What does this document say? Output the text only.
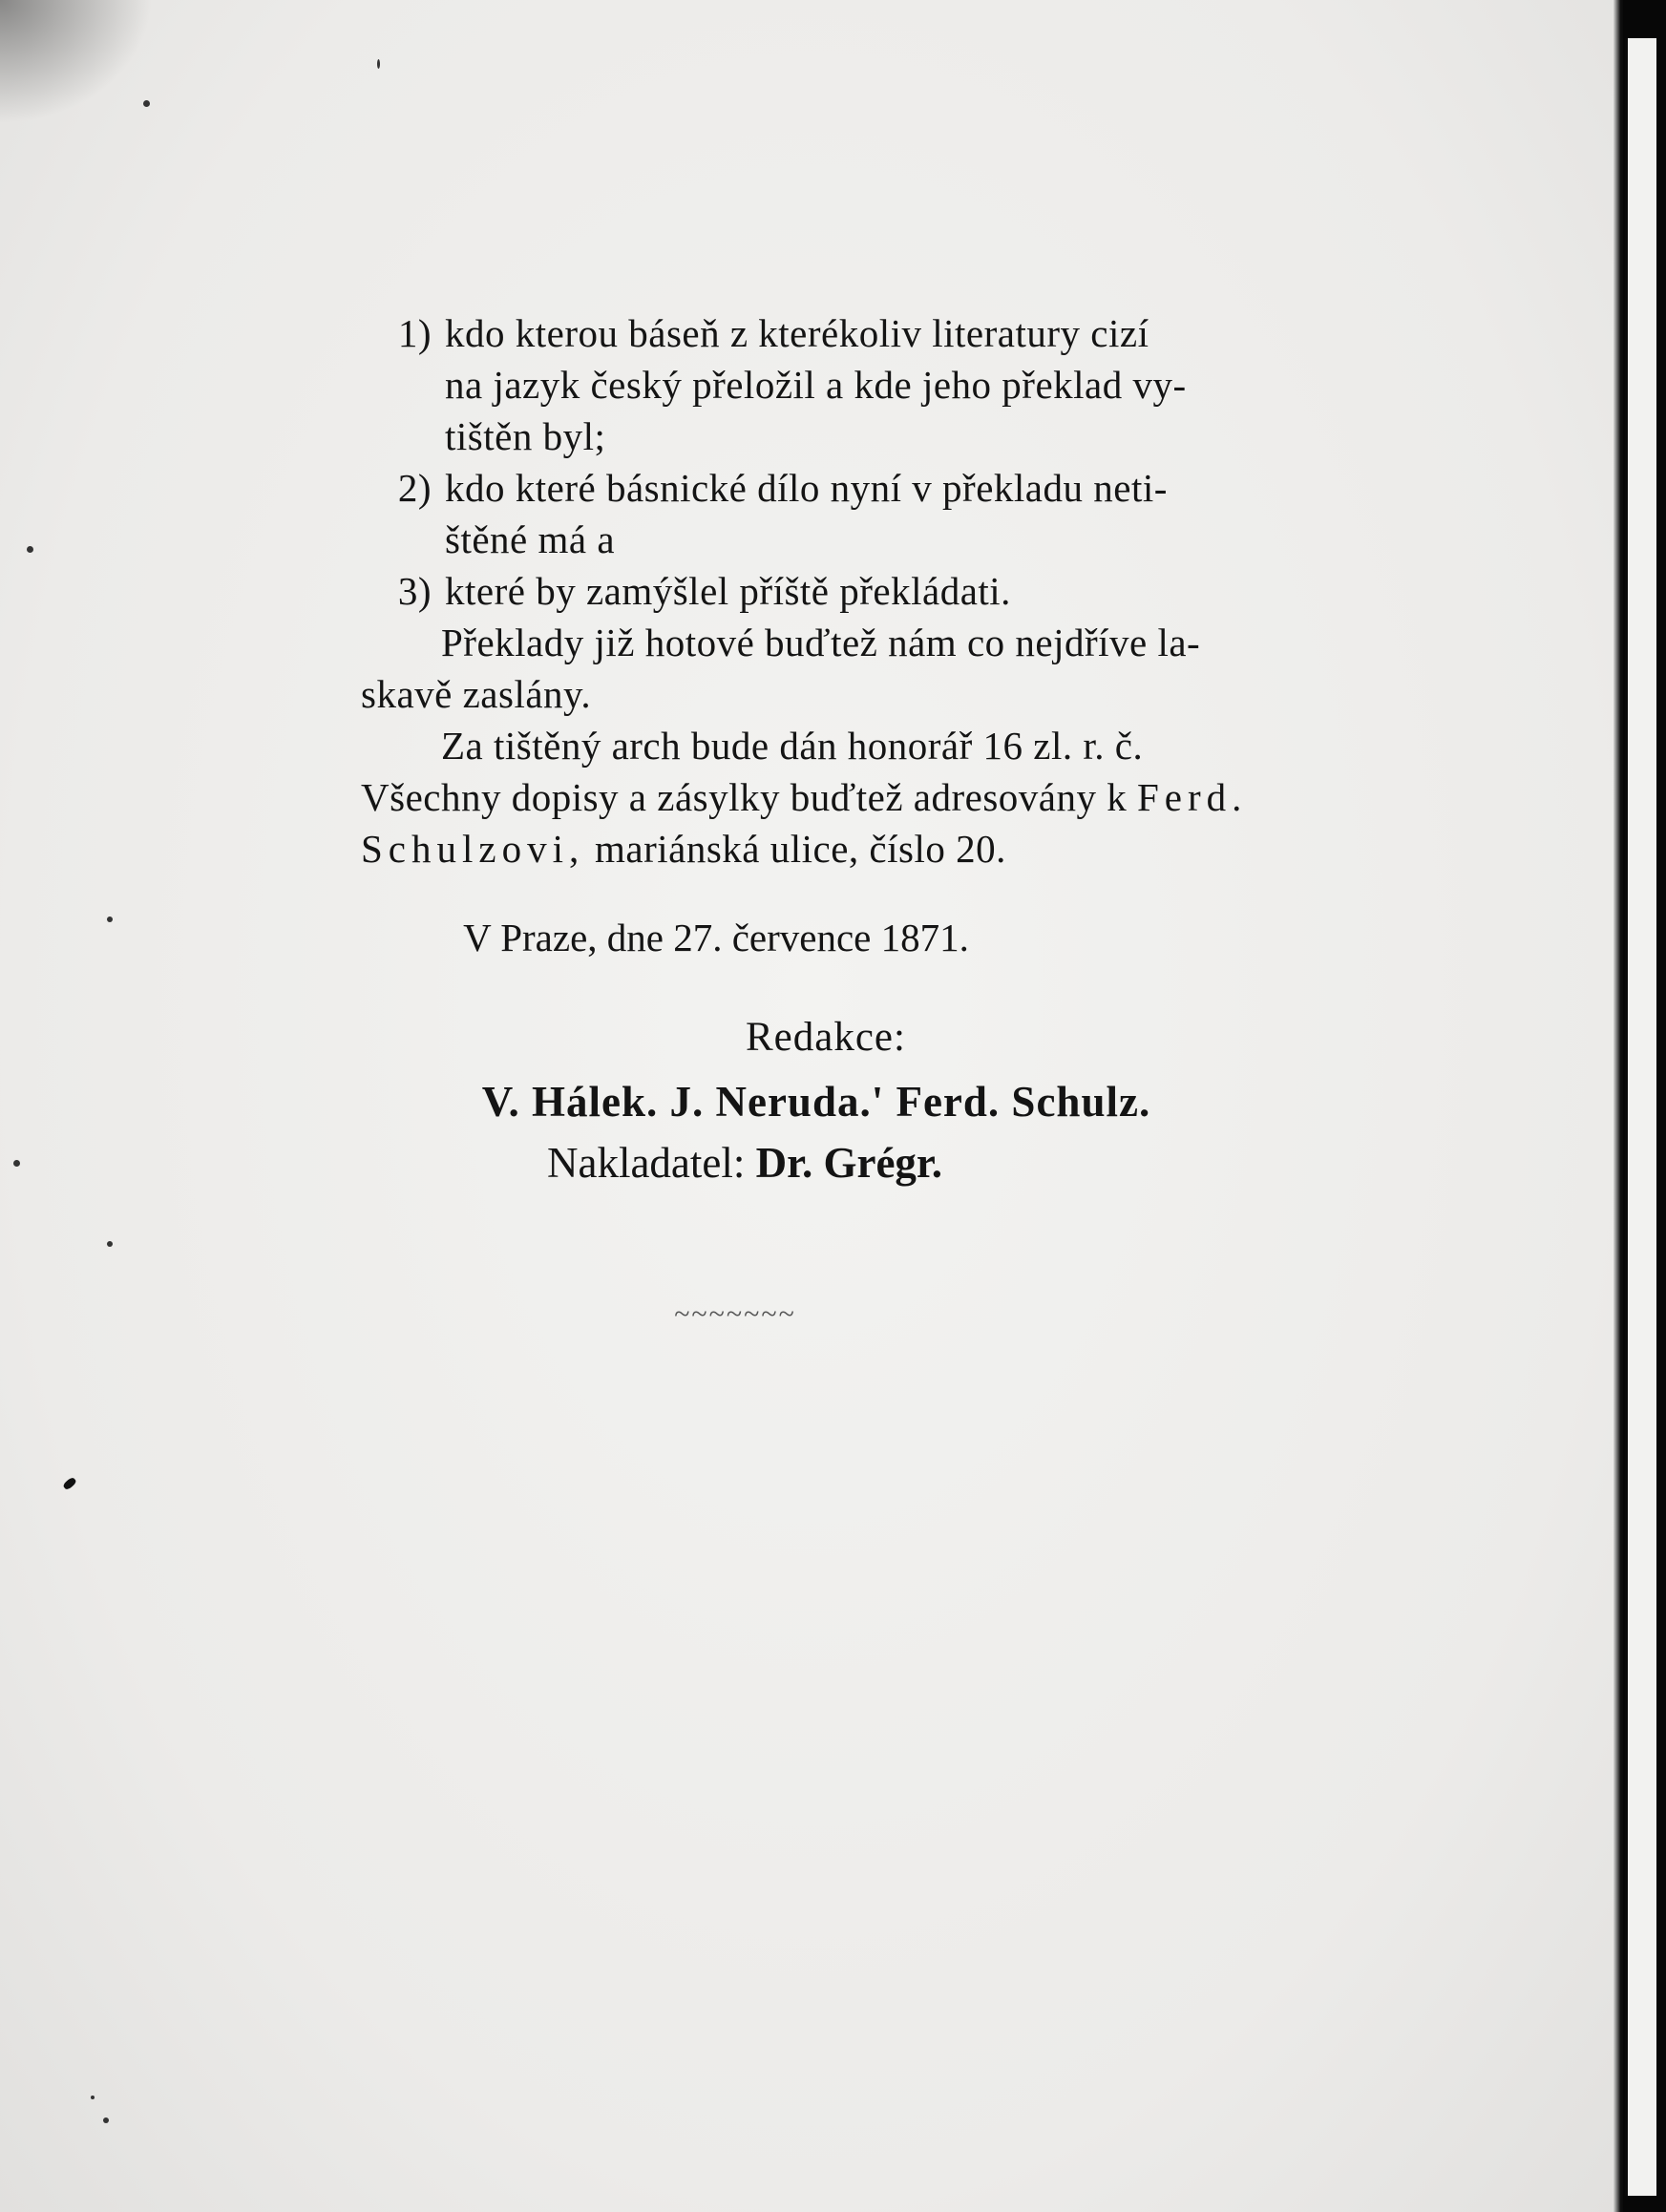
1) kdo kterou báseň z kterékoliv literatury cizí
na jazyk český přeložil a kde jeho překlad vy-
tištěn byl;
2) kdo které básnické dílo nyní v překladu neti-
štěné má a
3) které by zamýšlel příště překládati.
Překlady již hotové buďtež nám co nejdříve la-
skavě zaslány.
Za tištěný arch bude dán honorář 16 zl. r. č.
Všechny dopisy a zásylky buďtež adresovány k Ferd.
Schulzovi, mariánská ulice, číslo 20.
V Praze, dne 27. července 1871.
Redakce:
V. Hálek. J. Neruda.' Ferd. Schulz.
Nakladatel: Dr. Grégr.
~~~~~~~
